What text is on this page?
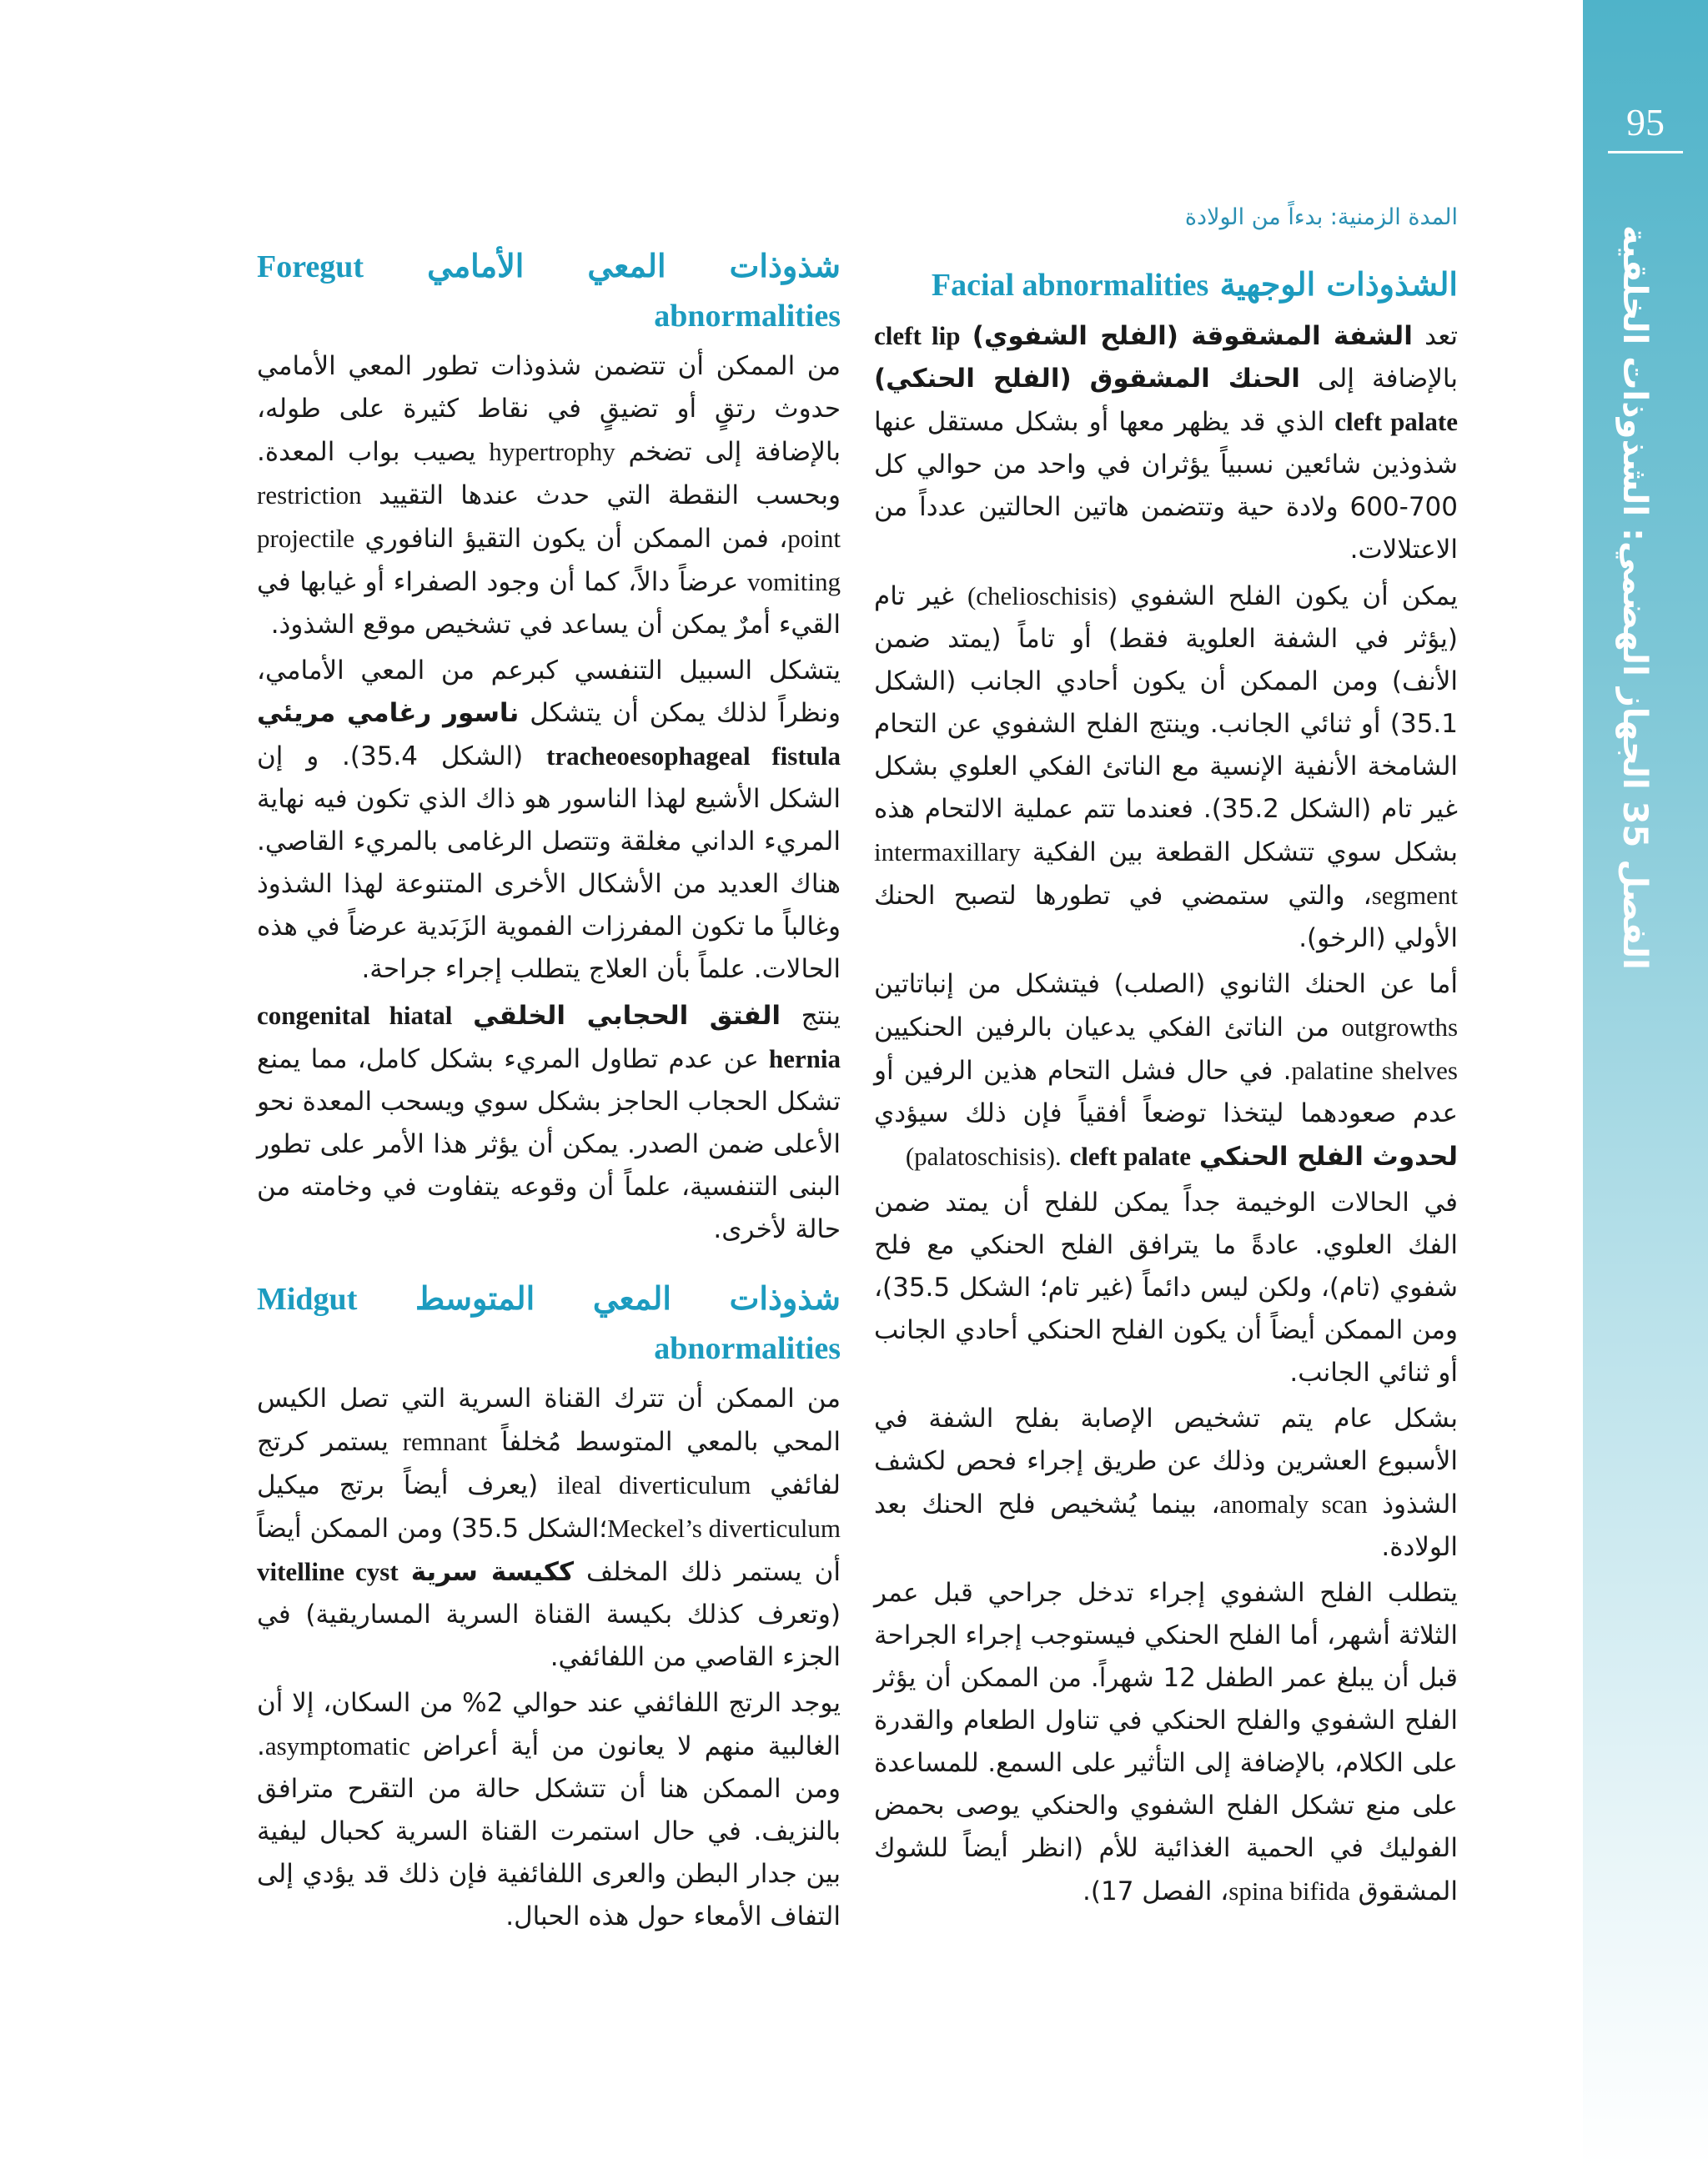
95
الفصل 35 الجهاز الهضمي: الشذوذات الخلقية
المدة الزمنية: بدءاً من الولادة
الشذوذات الوجهية Facial abnormalities

تعد الشفة المشقوقة (الفلح الشفوي) cleft lip بالإضافة إلى الحنك المشقوق (الفلح الحنكي) cleft palate الذي قد يظهر معها أو بشكل مستقل عنها شذوذين شائعين نسبياً يؤثران في واحد من حوالي كل 700-600 ولادة حية وتتضمن هاتين الحالتين عدداً من الاعتلالات.

يمكن أن يكون الفلح الشفوي (chelioschisis) غير تام (يؤثر في الشفة العلوية فقط) أو تاماً (يمتد ضمن الأنف) ومن الممكن أن يكون أحادي الجانب (الشكل 35.1) أو ثنائي الجانب. وينتج الفلح الشفوي عن التحام الشامخة الأنفية الإنسية مع الناتئ الفكي العلوي بشكل غير تام (الشكل 35.2). فعندما تتم عملية الالتحام هذه بشكل سوي تتشكل القطعة بين الفكية intermaxillary segment، والتي ستمضي في تطورها لتصبح الحنك الأولي (الرخو).

أما عن الحنك الثانوي (الصلب) فيتشكل من إنباتاتين outgrowths من الناتئ الفكي يدعيان بالرفين الحنكيين palatine shelves. في حال فشل التحام هذين الرفين أو عدم صعودهما ليتخذا توضعاً أفقياً فإن ذلك سيؤدي لحدوث الفلح الحنكي cleft palate (palatoschisis).

في الحالات الوخيمة جداً يمكن للفلح أن يمتد ضمن الفك العلوي. عادةً ما يترافق الفلح الحنكي مع فلح شفوي (تام)، ولكن ليس دائماً (غير تام؛ الشكل 35.5)، ومن الممكن أيضاً أن يكون الفلح الحنكي أحادي الجانب أو ثنائي الجانب.

بشكل عام يتم تشخيص الإصابة بفلح الشفة في الأسبوع العشرين وذلك عن طريق إجراء فحص لكشف الشذوذ anomaly scan، بينما يُشخيص فلح الحنك بعد الولادة.

يتطلب الفلح الشفوي إجراء تدخل جراحي قبل عمر الثلاثة أشهر، أما الفلح الحنكي فيستوجب إجراء الجراحة قبل أن يبلغ عمر الطفل 12 شهراً. من الممكن أن يؤثر الفلح الشفوي والفلح الحنكي في تناول الطعام والقدرة على الكلام، بالإضافة إلى التأثير على السمع. للمساعدة على منع تشكل الفلح الشفوي والحنكي يوصى بحمض الفوليك في الحمية الغذائية للأم (انظر أيضاً للشوك المشقوق spina bifida، الفصل 17).

شذوذات المعي الأمامي Foregut abnormalities

من الممكن أن تتضمن شذوذات تطور المعي الأمامي حدوث رتقٍ أو تضيقٍ في نقاط كثيرة على طوله، بالإضافة إلى تضخم hypertrophy يصيب بواب المعدة. وبحسب النقطة التي حدث عندها التقييد restriction point، فمن الممكن أن يكون التقيؤ النافوري projectile vomiting عرضاً دالاً، كما أن وجود الصفراء أو غيابها في القيء أمرٌ يمكن أن يساعد في تشخيص موقع الشذوذ.

يتشكل السبيل التنفسي كبرعم من المعي الأمامي، ونظراً لذلك يمكن أن يتشكل ناسور رغامي مريئي tracheoesophageal fistula (الشكل 35.4). و إن الشكل الأشيع لهذا الناسور هو ذاك الذي تكون فيه نهاية المريء الداني مغلقة وتتصل الرغامى بالمريء القاصي. هناك العديد من الأشكال الأخرى المتنوعة لهذا الشذوذ وغالباً ما تكون المفرزات الفموية الزَبَدية عرضاً في هذه الحالات. علماً بأن العلاج يتطلب إجراء جراحة.

ينتج الفتق الحجابي الخلقي congenital hiatal hernia عن عدم تطاول المريء بشكل كامل، مما يمنع تشكل الحجاب الحاجز بشكل سوي ويسحب المعدة نحو الأعلى ضمن الصدر. يمكن أن يؤثر هذا الأمر على تطور البنى التنفسية، علماً أن وقوعه يتفاوت في وخامته من حالة لأخرى.

شذوذات المعي المتوسط Midgut abnormalities

من الممكن أن تترك القناة السرية التي تصل الكيس المحي بالمعي المتوسط مُخلفاً remnant يستمر كرتج لفائفي ileal diverticulum (يعرف أيضاً برتج ميكيل Meckel’s diverticulum؛الشكل 35.5) ومن الممكن أيضاً أن يستمر ذلك المخلف ككيسة سرية vitelline cyst (وتعرف كذلك بكيسة القناة السرية المساريقية) في الجزء القاصي من اللفائفي.

يوجد الرتج اللفائفي عند حوالي 2% من السكان، إلا أن الغالبية منهم لا يعانون من أية أعراض asymptomatic. ومن الممكن هنا أن تتشكل حالة من التقرح مترافق بالنزيف. في حال استمرت القناة السرية كحبال ليفية بين جدار البطن والعرى اللفائفية فإن ذلك قد يؤدي إلى التفاف الأمعاء حول هذه الحبال.
